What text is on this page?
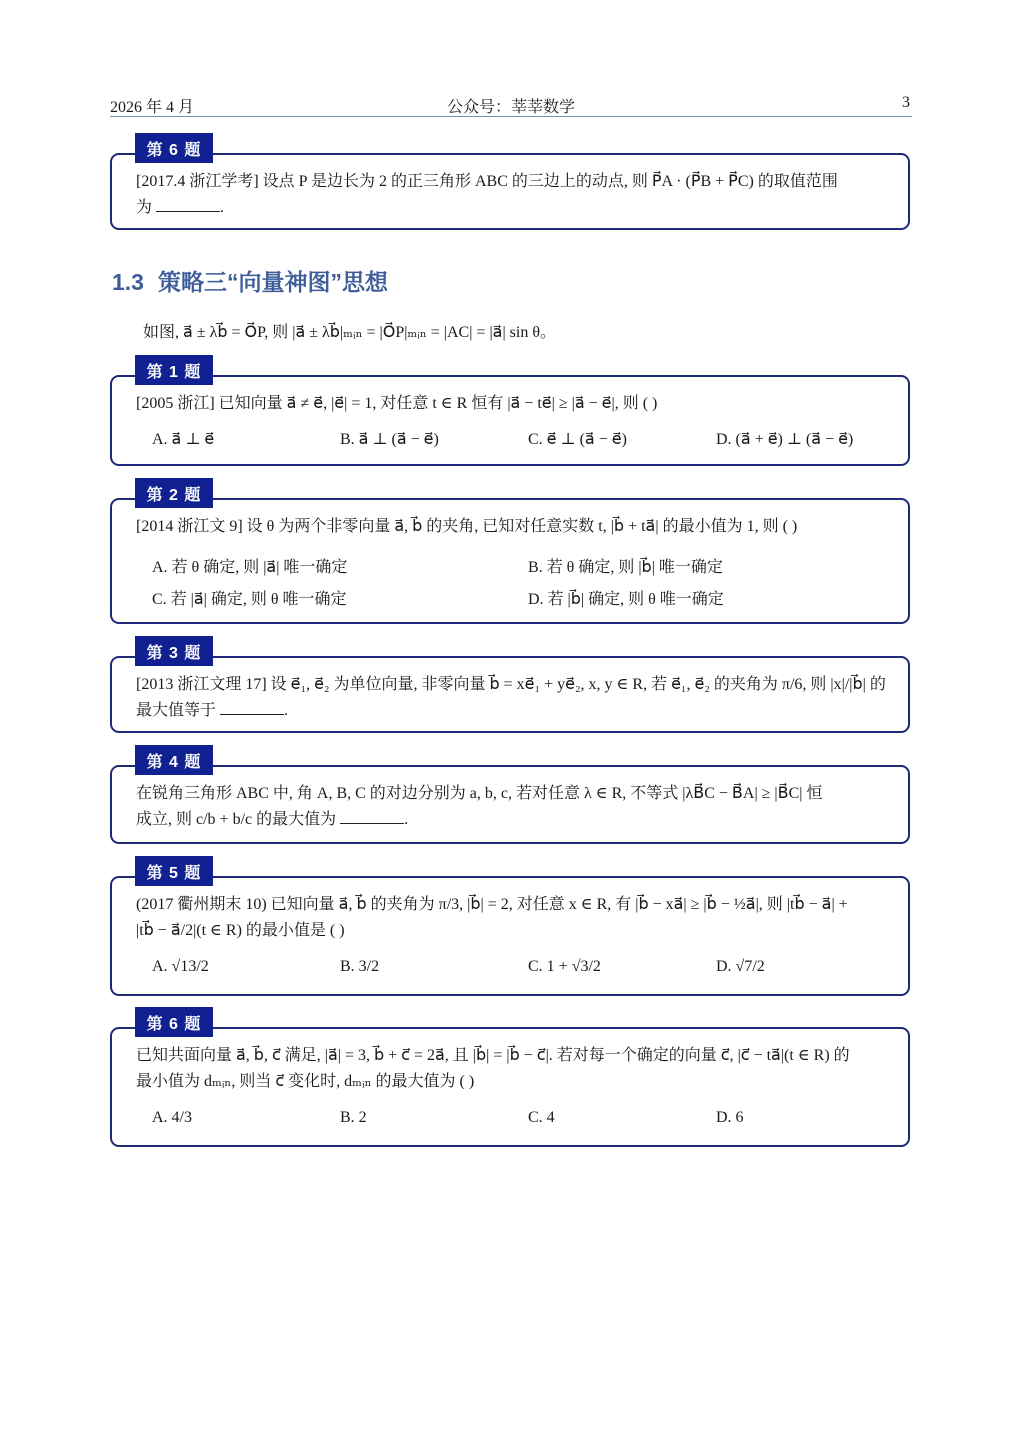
2026 年 4 月	公众号：莘莘数学	3
第 6 题
[2017.4 浙江学考] 设点 P 是边长为 2 的正三角形 ABC 的三边上的动点, 则 P⃗A · (P⃗B + P⃗C) 的取值范围
为	.
1.3 策略三“向量神图”思想
如图, a⃗ ± λb⃗ = O⃗P, 则 |a⃗ ± λb⃗|ₘᵢₙ = |O⃗P|ₘᵢₙ = |AC| = |a⃗| sin θ。
第 1 题
[2005 浙江] 已知向量 a⃗ ≠ e⃗, |e⃗| = 1, 对任意 t ∈ R 恒有 |a⃗ − te⃗| ≥ |a⃗ − e⃗|, 则 ( )
A. a⃗ ⊥ e⃗	B. a⃗ ⊥ (a⃗ − e⃗)	C. e⃗ ⊥ (a⃗ − e⃗)	D. (a⃗ + e⃗) ⊥ (a⃗ − e⃗)
第 2 题
[2014 浙江文 9] 设 θ 为两个非零向量 a⃗, b⃗ 的夹角, 已知对任意实数 t, |b⃗ + ta⃗| 的最小值为 1, 则 ( )
A. 若 θ 确定, 则 |a⃗| 唯一确定	B. 若 θ 确定, 则 |b⃗| 唯一确定
C. 若 |a⃗| 确定, 则 θ 唯一确定	D. 若 |b⃗| 确定, 则 θ 唯一确定
第 3 题
[2013 浙江文理 17] 设 e⃗₁, e⃗₂ 为单位向量, 非零向量 b⃗ = xe⃗₁ + ye⃗₂, x, y ∈ R, 若 e⃗₁, e⃗₂ 的夹角为 π/6, 则 |x|/|b⃗| 的
最大值等于	.
第 4 题
在锐角三角形 ABC 中, 角 A, B, C 的对边分别为 a, b, c, 若对任意 λ ∈ R, 不等式 |λB⃗C − B⃗A| ≥ |B⃗C| 恒
成立, 则 c/b + b/c 的最大值为	.
第 5 题
(2017 衢州期末 10) 已知向量 a⃗, b⃗ 的夹角为 π/3, |b⃗| = 2, 对任意 x ∈ R, 有 |b⃗ − xa⃗| ≥ |b⃗ − ½a⃗|, 则 |tb⃗ − a⃗| +
|tb⃗ − a⃗/2|(t ∈ R) 的最小值是 ( )
A. √13/2	B. 3/2	C. 1 + √3/2	D. √7/2
第 6 题
已知共面向量 a⃗, b⃗, c⃗ 满足, |a⃗| = 3, b⃗ + c⃗ = 2a⃗, 且 |b⃗| = |b⃗ − c⃗|. 若对每一个确定的向量 c⃗, |c⃗ − ta⃗|(t ∈ R) 的
最小值为 dₘᵢₙ, 则当 c⃗ 变化时, dₘᵢₙ 的最大值为 ( )
A. 4/3	B. 2	C. 4	D. 6
